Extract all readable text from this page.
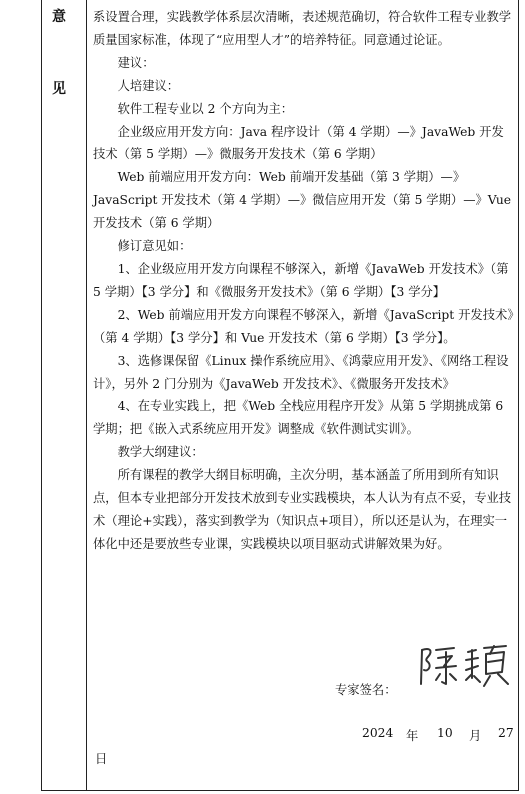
意
见

系设置合理，实践教学体系层次清晰，表述规范确切，符合软件工程专业教学质量国家标准，体现了“应用型人才”的培养特征。同意通过论证。

　　建议：

　　人培建议：

　　软件工程专业以 2 个方向为主：

　　企业级应用开发方向：Java 程序设计（第 4 学期）—》JavaWeb 开发技术（第 5 学期）—》微服务开发技术（第 6 学期）

　　Web 前端应用开发方向：Web 前端开发基础（第 3 学期）—》JavaScript 开发技术（第 4 学期）—》微信应用开发（第 5 学期）—》Vue 开发技术（第 6 学期）

　　修订意见如：

　　1、企业级应用开发方向课程不够深入，新增《JavaWeb 开发技术》（第 5 学期）【3 学分】和《微服务开发技术》（第 6 学期）【3 学分】

　　2、Web 前端应用开发方向课程不够深入，新增《JavaScript 开发技术》（第 4 学期）【3 学分】和 Vue 开发技术（第 6 学期）【3 学分】。

　　3、选修课保留《Linux 操作系统应用》、《鸿蒙应用开发》、《网络工程设计》，另外 2 门分别为《JavaWeb 开发技术》、《微服务开发技术》

　　4、在专业实践上，把《Web 全栈应用程序开发》从第 5 学期挑成第 6 学期；把《嵌入式系统应用开发》调整成《软件测试实训》。

　　教学大纲建议：

　　所有课程的教学大纲目标明确，主次分明，基本涵盖了所用到所有知识点，但本专业把部分开发技术放到专业实践模块，本人认为有点不妥，专业技术（理论+实践），落实到教学为（知识点+项目），所以还是认为，在理实一体化中还是要放些专业课，实践模块以项目驱动式讲解效果为好。

专家签名：
2024 年 10 月 27
日
